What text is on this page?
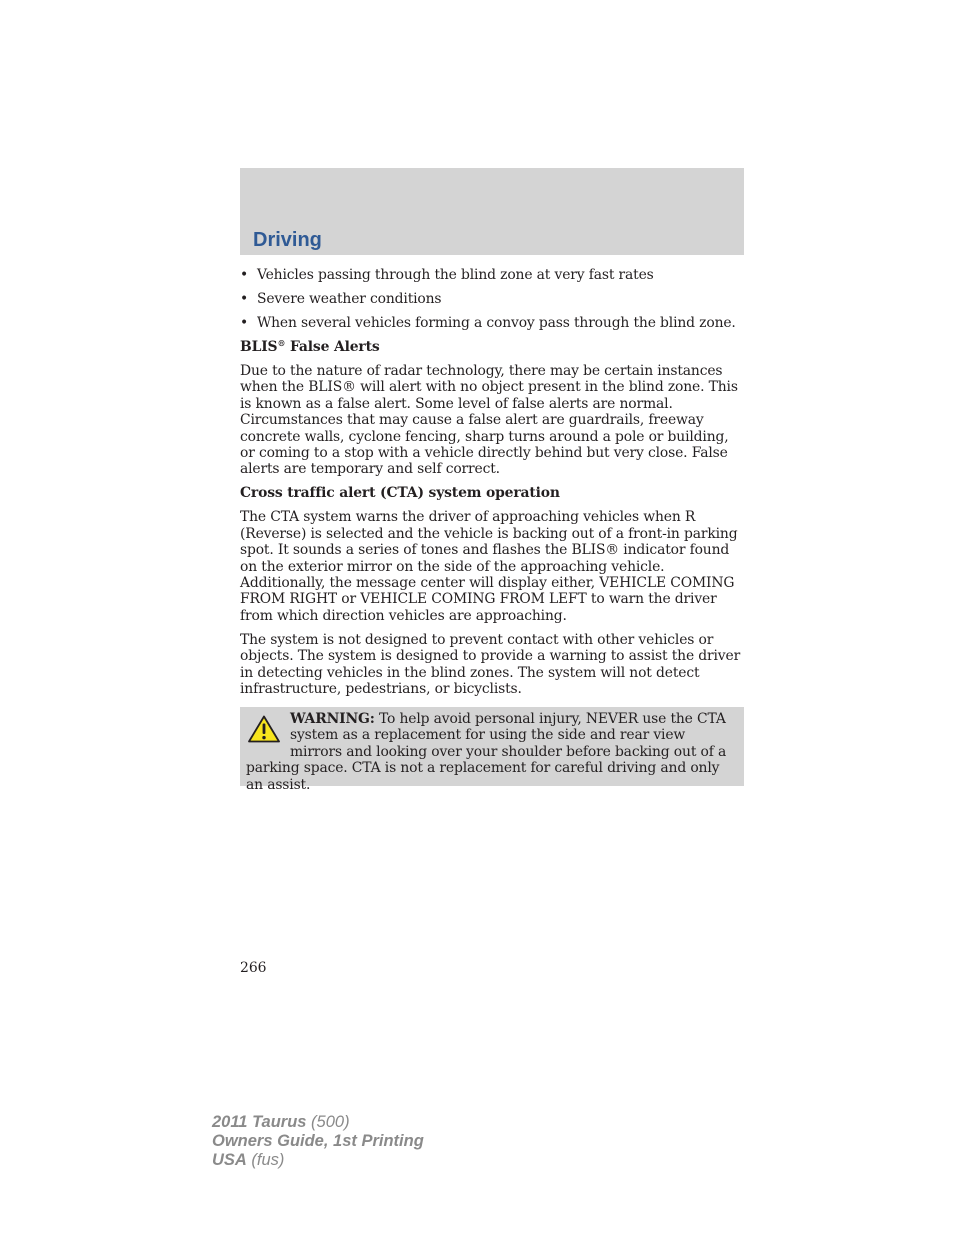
Driving
• Vehicles passing through the blind zone at very fast rates
• Severe weather conditions
• When several vehicles forming a convoy pass through the blind zone.
BLIS® False Alerts

Due to the nature of radar technology, there may be certain instances when the BLIS® will alert with no object present in the blind zone. This is known as a false alert. Some level of false alerts are normal. Circumstances that may cause a false alert are guardrails, freeway concrete walls, cyclone fencing, sharp turns around a pole or building, or coming to a stop with a vehicle directly behind but very close. False alerts are temporary and self correct.

Cross traffic alert (CTA) system operation

The CTA system warns the driver of approaching vehicles when R (Reverse) is selected and the vehicle is backing out of a front-in parking spot. It sounds a series of tones and flashes the BLIS® indicator found on the exterior mirror on the side of the approaching vehicle. Additionally, the message center will display either, VEHICLE COMING FROM RIGHT or VEHICLE COMING FROM LEFT to warn the driver from which direction vehicles are approaching.

The system is not designed to prevent contact with other vehicles or objects. The system is designed to provide a warning to assist the driver in detecting vehicles in the blind zones. The system will not detect infrastructure, pedestrians, or bicyclists.

WARNING: To help avoid personal injury, NEVER use the CTA system as a replacement for using the side and rear view mirrors and looking over your shoulder before backing out of a parking space. CTA is not a replacement for careful driving and only an assist.
266
2011 Taurus (500)
Owners Guide, 1st Printing
USA (fus)
